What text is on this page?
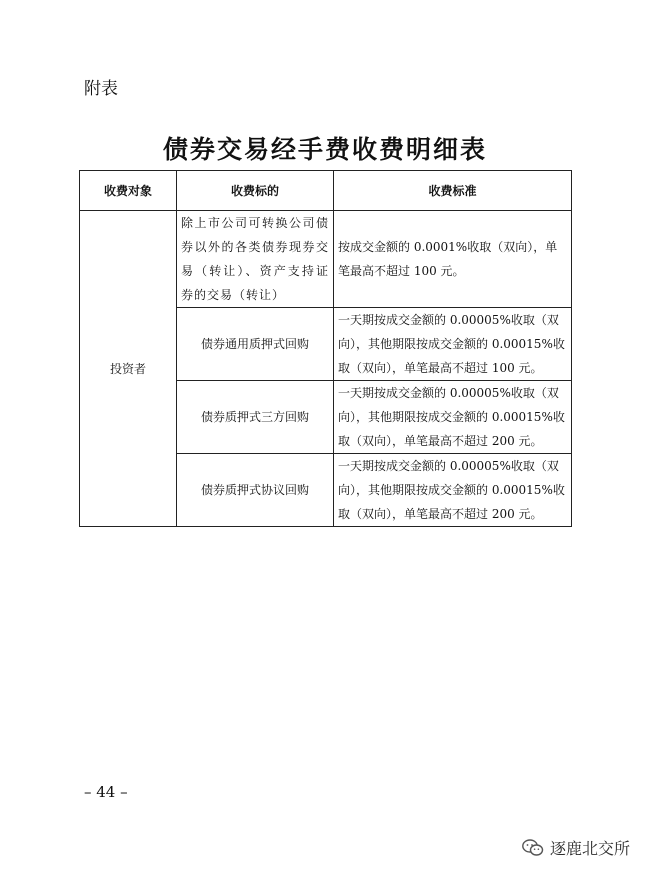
附表
债券交易经手费收费明细表
收费对象	收费标的	收费标准
投资者	除上市公司可转换公司债券以外的各类债券现券交易（转让）、资产支持证券的交易（转让）	按成交金额的 0.0001%收取（双向），单笔最高不超过 100 元。
	债券通用质押式回购	一天期按成交金额的 0.00005%收取（双向），其他期限按成交金额的 0.00015%收取（双向），单笔最高不超过 100 元。
	债券质押式三方回购	一天期按成交金额的 0.00005%收取（双向），其他期限按成交金额的 0.00015%收取（双向），单笔最高不超过 200 元。
	债券质押式协议回购	一天期按成交金额的 0.00005%收取（双向），其他期限按成交金额的 0.00015%收取（双向），单笔最高不超过 200 元。
– 44 –
逐鹿北交所
